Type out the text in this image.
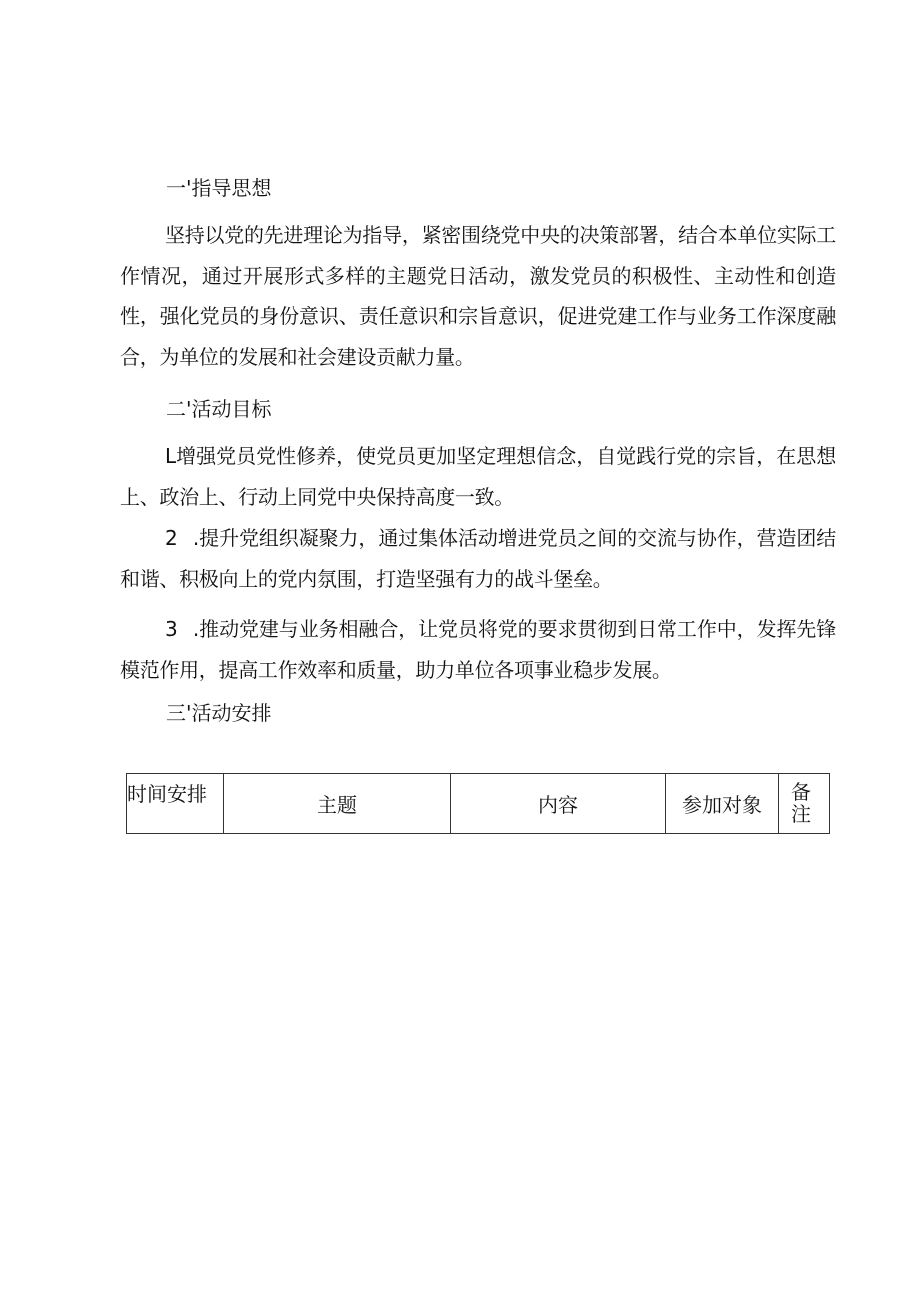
一'指导思想

坚持以党的先进理论为指导，紧密围绕党中央的决策部署，结合本单位实际工作情况，通过开展形式多样的主题党日活动，激发党员的积极性、主动性和创造性，强化党员的身份意识、责任意识和宗旨意识，促进党建工作与业务工作深度融合，为单位的发展和社会建设贡献力量。

二'活动目标

L增强党员党性修养，使党员更加坚定理想信念，自觉践行党的宗旨，在思想上、政治上、行动上同党中央保持高度一致。

2	.提升党组织凝聚力，通过集体活动增进党员之间的交流与协作，营造团结和谐、积极向上的党内氛围，打造坚强有力的战斗堡垒。

3	.推动党建与业务相融合，让党员将党的要求贯彻到日常工作中，发挥先锋模范作用，提高工作效率和质量，助力单位各项事业稳步发展。

三'活动安排
时间安排	主题	内容	参加对象	备注
